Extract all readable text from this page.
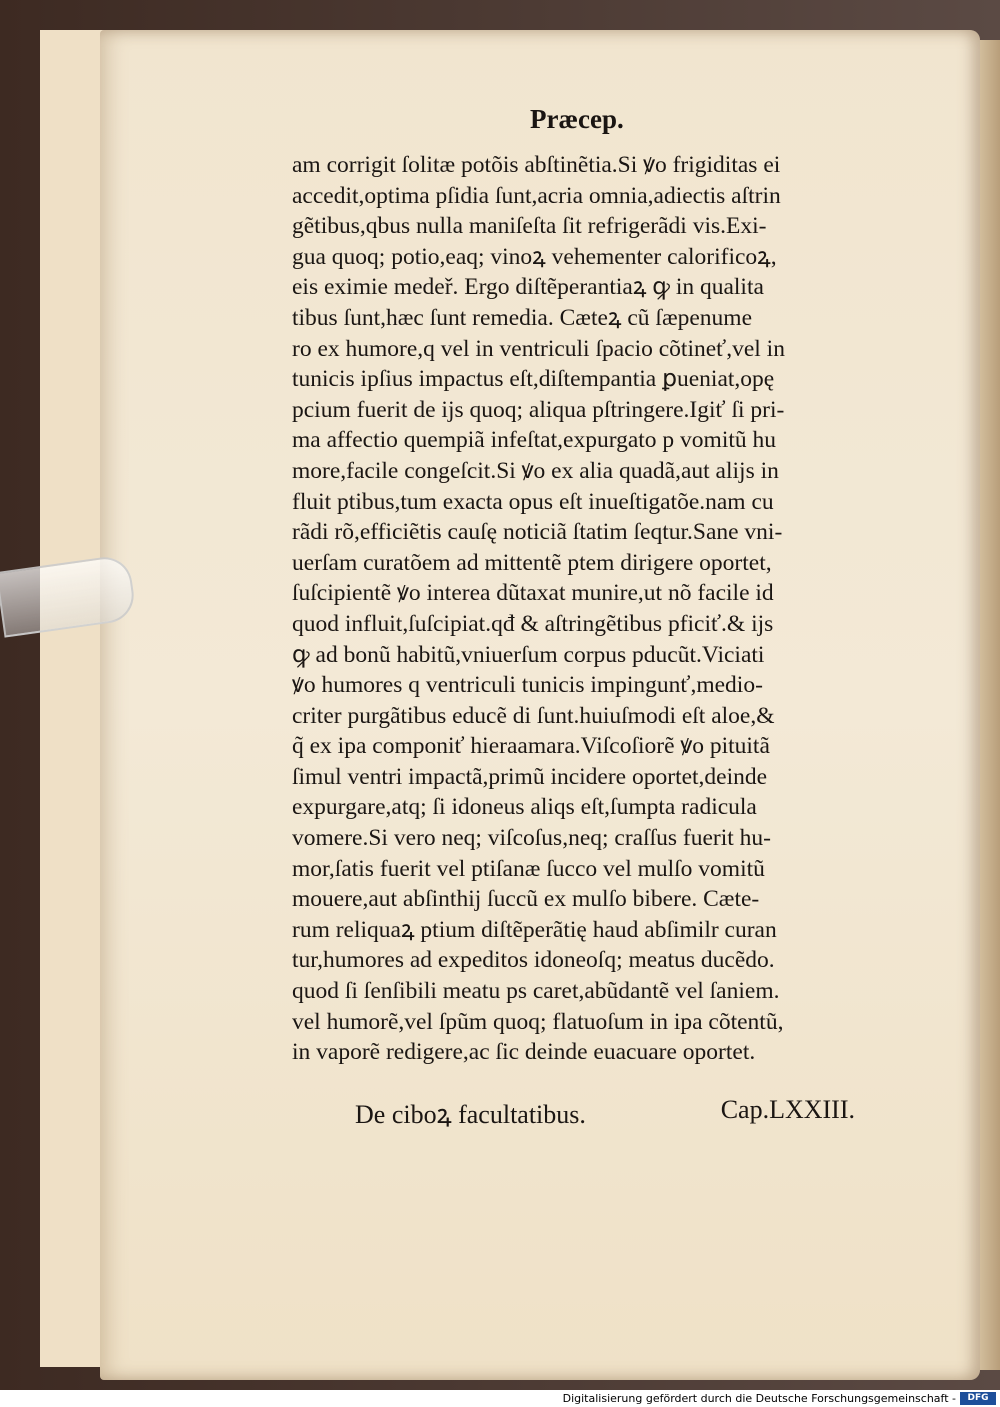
Præcep.
am corrigit ſolitæ potõis abſtinẽtia.Si ꝟo frigiditas ei
accedit,optima pſidia ſunt,acria omnia,adiectis aſtrin
gẽtibus,qbus nulla maniſeſta ſit refrigerãdi vis.Exi-
gua quoq; potio,eaq; vinoꝝ vehementer calorificoꝝ,
eis eximie medeř. Ergo diſtẽperantiaꝝ ꝙ in qualita
tibus ſunt,hæc ſunt remedia. Cæteꝝ cũ ſæpenume
ro ex humore,q vel in ventriculi ſpacio cõtineť,vel in
tunicis ipſius impactus eſt,diſtempantia ꝑueniat,opę
pcium fuerit de ijs quoq; aliqua pſtringere.Igiť ſi pri-
ma affectio quempiã infeſtat,expurgato p vomitũ hu
more,facile congeſcit.Si ꝟo ex alia quadã,aut alijs in
fluit ptibus,tum exacta opus eſt inueſtigatõe.nam cu
rãdi rõ,efficiẽtis cauſę noticiã ſtatim ſeqtur.Sane vni-
uerſam curatõem ad mittentẽ ptem dirigere oportet,
ſuſcipientẽ ꝟo interea dũtaxat munire,ut nõ facile id
quod influit,ſuſcipiat.qđ & aſtringẽtibus pficiť.& ijs
ꝙ ad bonũ habitũ,vniuerſum corpus pducũt.Viciati
ꝟo humores q ventriculi tunicis impingunť,medio-
criter purgãtibus educẽ di ſunt.huiuſmodi eſt aloe,&
q̃ ex ipa componiť hieraamara.Viſcoſiorẽ ꝟo pituitã
ſimul ventri impactã,primũ incidere oportet,deinde
expurgare,atq; ſi idoneus aliqs eſt,ſumpta radicula
vomere.Si vero neq; viſcoſus,neq; craſſus fuerit hu-
mor,ſatis fuerit vel ptiſanæ ſucco vel mulſo vomitũ
mouere,aut abſinthij ſuccũ ex mulſo bibere. Cæte-
rum reliquaꝝ ptium diſtẽperãtię haud abſimilr curan
tur,humores ad expeditos idoneoſq; meatus ducẽdo.
quod ſi ſenſibili meatu ps caret,abũdantẽ vel ſaniem.
vel humorẽ,vel ſpũm quoq; flatuoſum in ipa cõtentũ,
in vaporẽ redigere,ac ſic deinde euacuare oportet.
De ciboꝝ facultatibus.	Cap.LXXIII.
Digitalisierung gefördert durch die Deutsche Forschungsgemeinschaft -	DFG
